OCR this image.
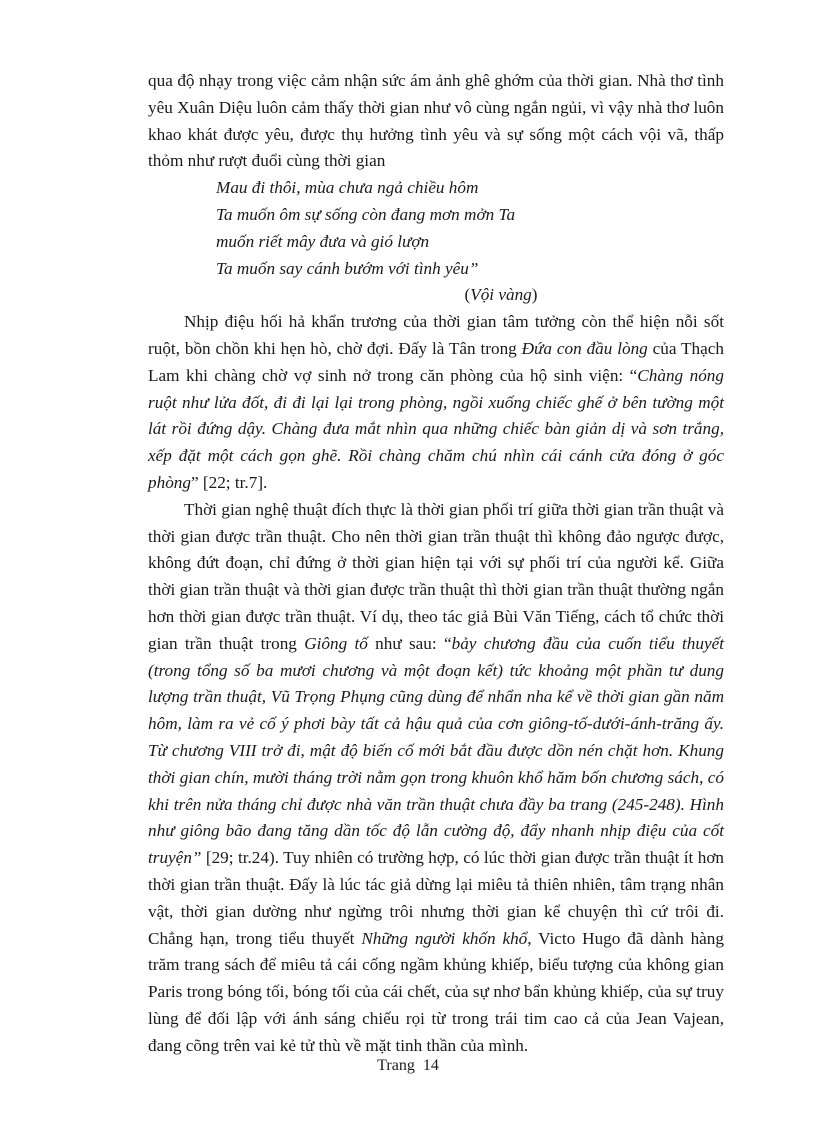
qua độ nhạy trong việc cảm nhận sức ám ảnh ghê ghớm của thời gian. Nhà thơ tình yêu Xuân Diệu luôn cảm thấy thời gian như vô cùng ngắn ngủi, vì vậy nhà thơ luôn khao khát được yêu, được thụ hưởng tình yêu và sự sống một cách vội vã, thấp thỏm như rượt đuổi cùng thời gian

Mau đi thôi, mùa chưa ngả chiều hôm
Ta muốn ôm sự sống còn đang mơn mởn Ta
muốn riết mây đưa và gió lượn
Ta muốn say cánh bướm với tình yêu”

(Vội vàng)

Nhịp điệu hối hả khẩn trương của thời gian tâm tưởng còn thể hiện nỗi sốt ruột, bồn chồn khi hẹn hò, chờ đợi. Đấy là Tân trong Đứa con đầu lòng của Thạch Lam khi chàng chờ vợ sinh nở trong căn phòng của hộ sinh viện: “Chàng nóng ruột như lửa đốt, đi đi lại lại trong phòng, ngồi xuống chiếc ghế ở bên tường một lát rồi đứng dậy. Chàng đưa mắt nhìn qua những chiếc bàn giản dị và sơn trắng, xếp đặt một cách gọn ghẽ. Rồi chàng chăm chú nhìn cái cánh cửa đóng ở góc phòng” [22; tr.7].

Thời gian nghệ thuật đích thực là thời gian phối trí giữa thời gian trần thuật và thời gian được trần thuật. Cho nên thời gian trần thuật thì không đảo ngược được, không đứt đoạn, chỉ đứng ở thời gian hiện tại với sự phối trí của người kể. Giữa thời gian trần thuật và thời gian được trần thuật thì thời gian trần thuật thường ngắn hơn thời gian được trần thuật. Ví dụ, theo tác giả Bùi Văn Tiếng, cách tổ chức thời gian trần thuật trong Giông tố như sau: “bảy chương đầu của cuốn tiểu thuyết (trong tổng số ba mươi chương và một đoạn kết) tức khoảng một phần tư dung lượng trần thuật, Vũ Trọng Phụng cũng dùng để nhẩn nha kể về thời gian gần năm hôm, làm ra vẻ cố ý phơi bày tất cả hậu quả của cơn giông-tố-dưới-ánh-trăng ấy. Từ chương VIII trở đi, mật độ biến cố mới bắt đầu được dồn nén chặt hơn. Khung thời gian chín, mười tháng trời nằm gọn trong khuôn khổ hăm bốn chương sách, có khi trên nửa tháng chỉ được nhà văn trần thuật chưa đầy ba trang (245-248). Hình như giông bão đang tăng dần tốc độ lẫn cường độ, đẩy nhanh nhịp điệu của cốt truyện” [29; tr.24). Tuy nhiên có trường hợp, có lúc thời gian được trần thuật ít hơn thời gian trần thuật. Đấy là lúc tác giả dừng lại miêu tả thiên nhiên, tâm trạng nhân vật, thời gian dường như ngừng trôi nhưng thời gian kể chuyện thì cứ trôi đi. Chẳng hạn, trong tiểu thuyết Những người khốn khổ, Victo Hugo đã dành hàng trăm trang sách để miêu tả cái cống ngầm khủng khiếp, biểu tượng của không gian Paris trong bóng tối, bóng tối của cái chết, của sự nhơ bẩn khủng khiếp, của sự truy lùng để đối lập với ánh sáng chiếu rọi từ trong trái tim cao cả của Jean Vajean, đang cõng trên vai kẻ tử thù về mặt tinh thần của mình.

Trang 14
